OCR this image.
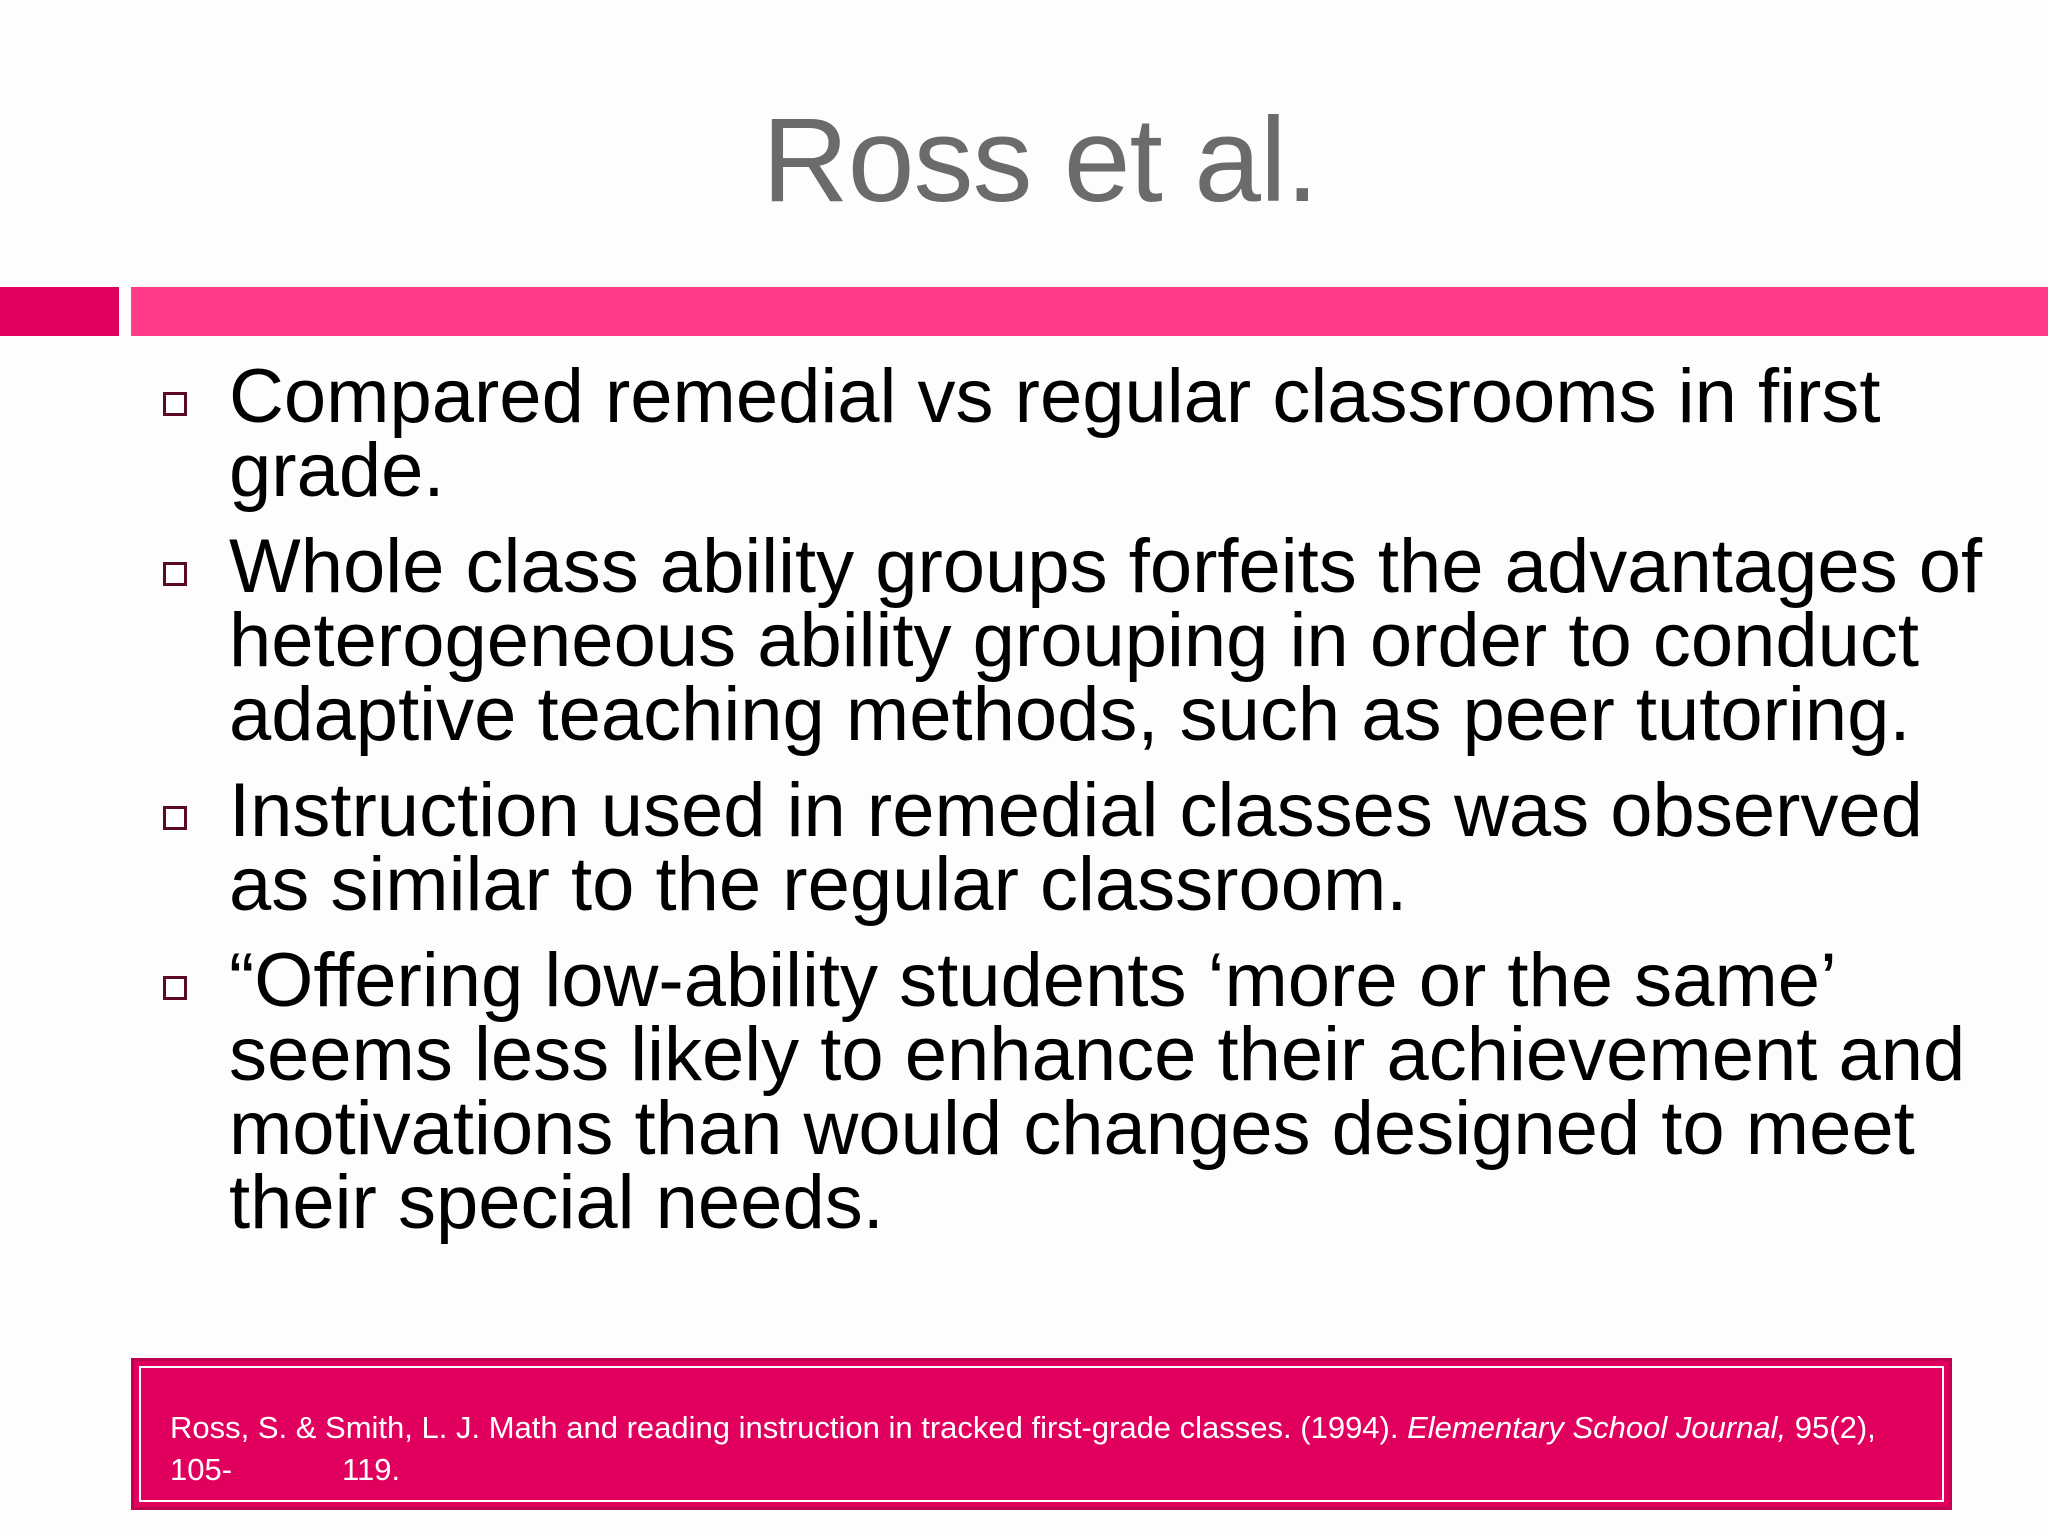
Ross et al.
Compared remedial vs regular classrooms in first grade.
Whole class ability groups forfeits the advantages of heterogeneous ability grouping in order to conduct adaptive teaching methods, such as peer tutoring.
Instruction used in remedial classes was observed as similar to the regular classroom.
“Offering low-ability students ‘more or the same’ seems less likely to enhance their achievement and motivations than would changes designed to meet their special needs.
Ross, S. & Smith, L. J. Math and reading instruction in tracked first-grade classes. (1994). Elementary School Journal, 95(2), 105-	119.
